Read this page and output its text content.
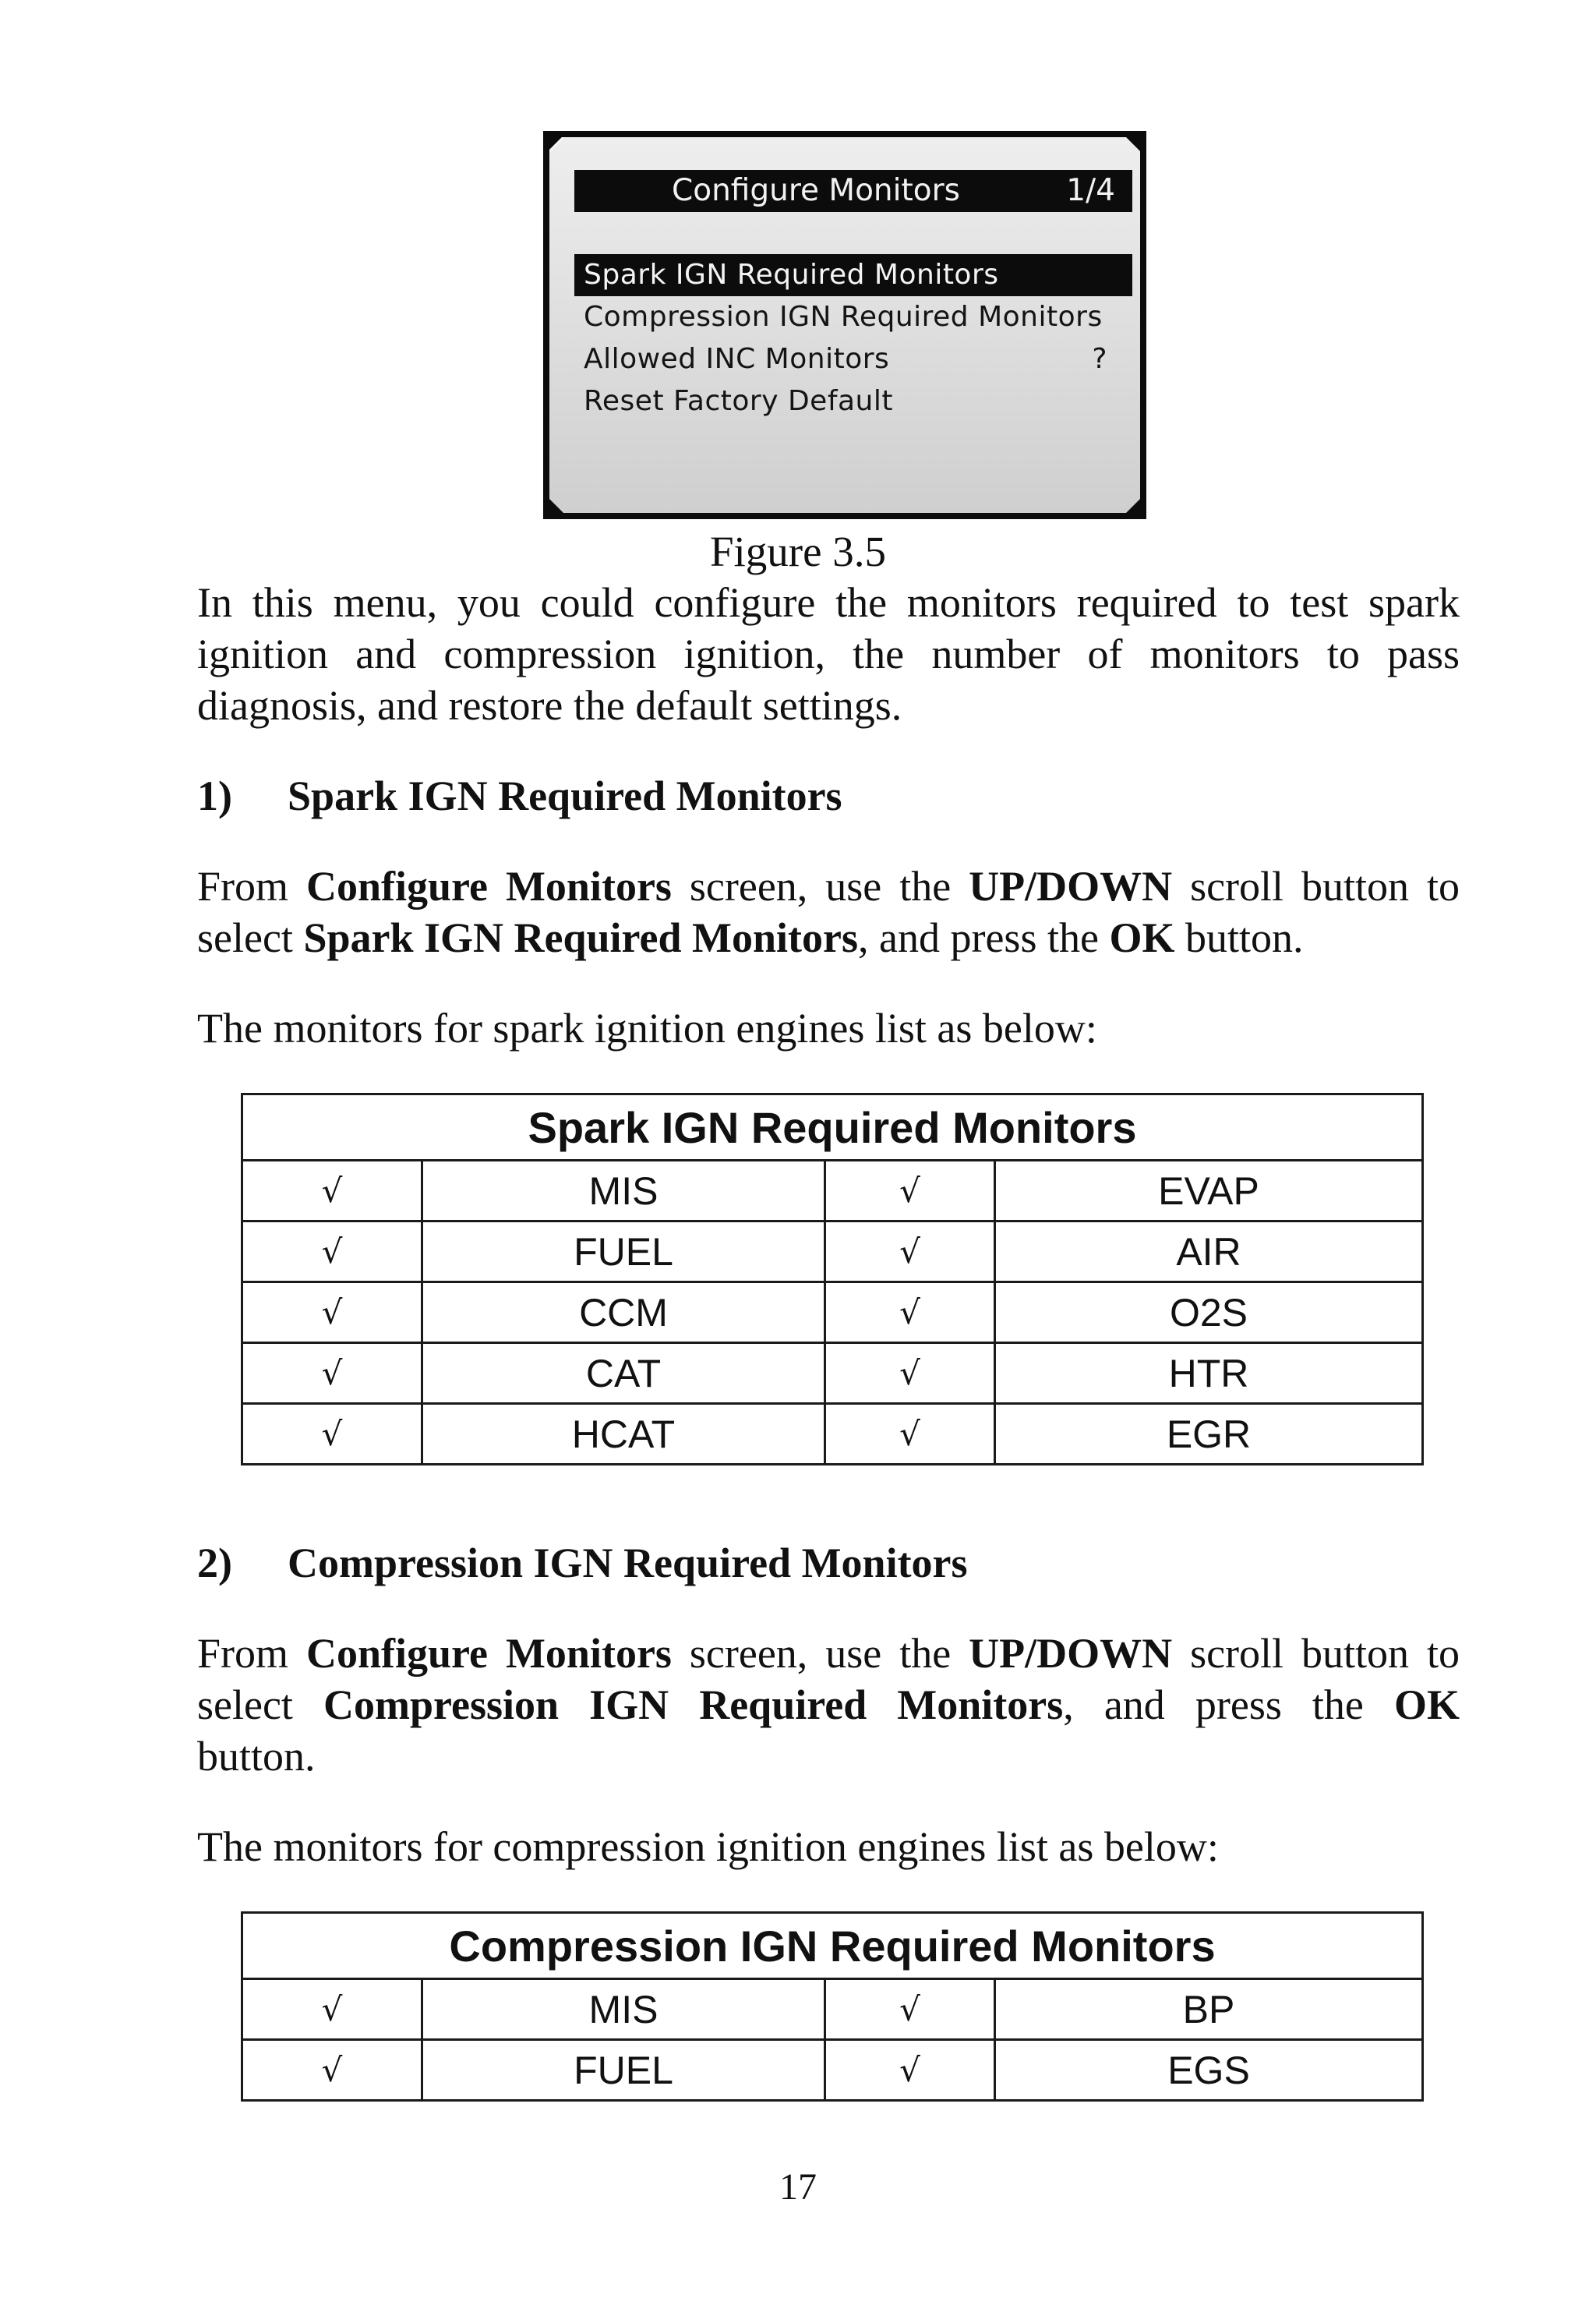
Configure Monitors	1/4
Spark IGN Required Monitors
Compression IGN Required Monitors
Allowed INC Monitors	?
Reset Factory Default
Figure 3.5
In this menu, you could configure the monitors required to test spark
ignition and compression ignition, the number of monitors to pass
diagnosis, and restore the default settings.
1) Spark IGN Required Monitors
From Configure Monitors screen, use the UP/DOWN scroll button to
select Spark IGN Required Monitors, and press the OK button.
The monitors for spark ignition engines list as below:
Spark IGN Required Monitors			
√	MIS	√	EVAP
√	FUEL	√	AIR
√	CCM	√	O2S
√	CAT	√	HTR
√	HCAT	√	EGR
2) Compression IGN Required Monitors
From Configure Monitors screen, use the UP/DOWN scroll button to
select Compression IGN Required Monitors, and press the OK
button.
The monitors for compression ignition engines list as below:
Compression IGN Required Monitors			
√	MIS	√	BP
√	FUEL	√	EGS
17
